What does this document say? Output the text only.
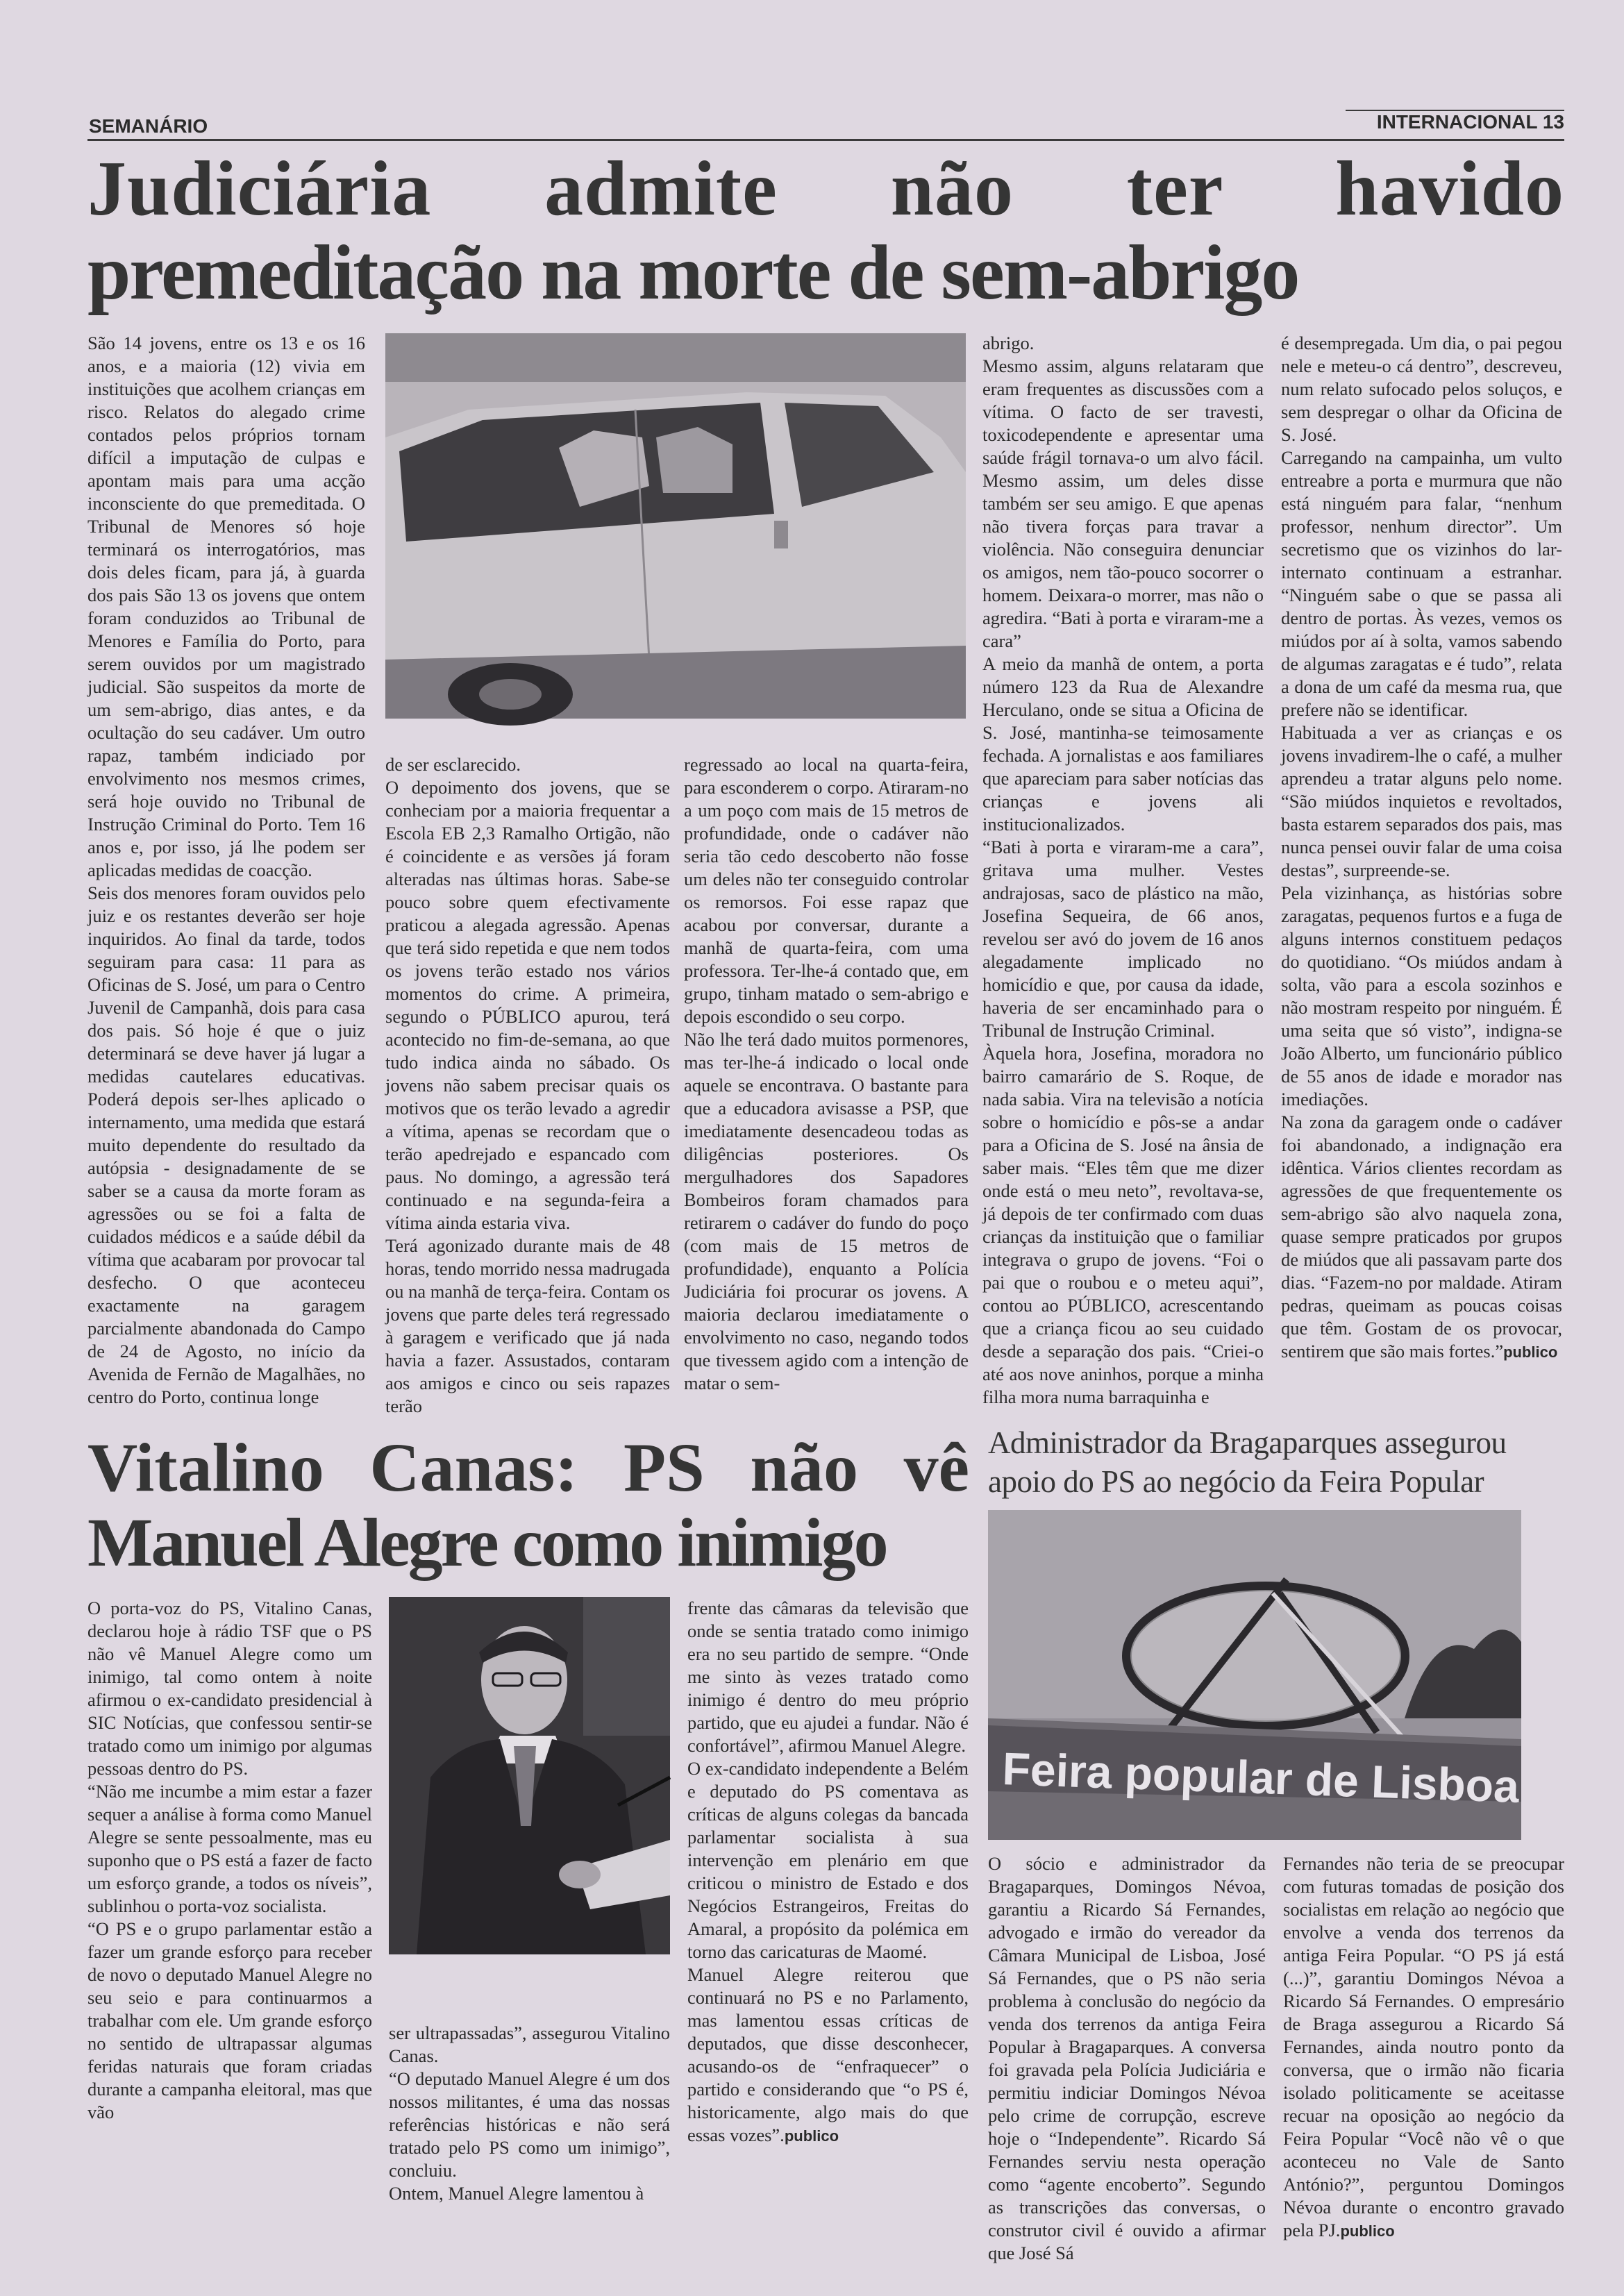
SEMANÁRIO	INTERNACIONAL 13
Judiciária admite não ter havido
premeditação na morte de sem-abrigo

São 14 jovens, entre os 13 e os 16 anos, e a maioria (12) vivia em instituições que acolhem crianças em risco. Relatos do alegado crime contados pelos próprios tornam difícil a imputação de culpas e apontam mais para uma acção inconsciente do que premeditada. O Tribunal de Menores só hoje terminará os interrogatórios, mas dois deles ficam, para já, à guarda dos pais São 13 os jovens que ontem foram conduzidos ao Tribunal de Menores e Família do Porto, para serem ouvidos por um magistrado judicial. São suspeitos da morte de um sem-abrigo, dias antes, e da ocultação do seu cadáver. Um outro rapaz, também indiciado por envolvimento nos mesmos crimes, será hoje ouvido no Tribunal de Instrução Criminal do Porto. Tem 16 anos e, por isso, já lhe podem ser aplicadas medidas de coacção.
Seis dos menores foram ouvidos pelo juiz e os restantes deverão ser hoje inquiridos. Ao final da tarde, todos seguiram para casa: 11 para as Oficinas de S. José, um para o Centro Juvenil de Campanhã, dois para casa dos pais. Só hoje é que o juiz determinará se deve haver já lugar a medidas cautelares educativas. Poderá depois ser-lhes aplicado o internamento, uma medida que estará muito dependente do resultado da autópsia - designadamente de se saber se a causa da morte foram as agressões ou se foi a falta de cuidados médicos e a saúde débil da vítima que acabaram por provocar tal desfecho. O que aconteceu exactamente na garagem parcialmente abandonada do Campo de 24 de Agosto, no início da Avenida de Fernão de Magalhães, no centro do Porto, continua longe

de ser esclarecido.
O depoimento dos jovens, que se conheciam por a maioria frequentar a Escola EB 2,3 Ramalho Ortigão, não é coincidente e as versões já foram alteradas nas últimas horas. Sabe-se pouco sobre quem efectivamente praticou a alegada agressão. Apenas que terá sido repetida e que nem todos os jovens terão estado nos vários momentos do crime. A primeira, segundo o PÚBLICO apurou, terá acontecido no fim-de-semana, ao que tudo indica ainda no sábado. Os jovens não sabem precisar quais os motivos que os terão levado a agredir a vítima, apenas se recordam que o terão apedrejado e espancado com paus. No domingo, a agressão terá continuado e na segunda-feira a vítima ainda estaria viva.
Terá agonizado durante mais de 48 horas, tendo morrido nessa madrugada ou na manhã de terça-feira. Contam os jovens que parte deles terá regressado à garagem e verificado que já nada havia a fazer. Assustados, contaram aos amigos e cinco ou seis rapazes terão

regressado ao local na quarta-feira, para esconderem o corpo. Atiraram-no a um poço com mais de 15 metros de profundidade, onde o cadáver não seria tão cedo descoberto não fosse um deles não ter conseguido controlar os remorsos. Foi esse rapaz que acabou por conversar, durante a manhã de quarta-feira, com uma professora. Ter-lhe-á contado que, em grupo, tinham matado o sem-abrigo e depois escondido o seu corpo.
Não lhe terá dado muitos pormenores, mas ter-lhe-á indicado o local onde aquele se encontrava. O bastante para que a educadora avisasse a PSP, que imediatamente desencadeou todas as diligências posteriores. Os mergulhadores dos Sapadores Bombeiros foram chamados para retirarem o cadáver do fundo do poço (com mais de 15 metros de profundidade), enquanto a Polícia Judiciária foi procurar os jovens. A maioria declarou imediatamente o envolvimento no caso, negando todos que tivessem agido com a intenção de matar o sem-

abrigo.
Mesmo assim, alguns relataram que eram frequentes as discussões com a vítima. O facto de ser travesti, toxicodependente e apresentar uma saúde frágil tornava-o um alvo fácil. Mesmo assim, um deles disse também ser seu amigo. E que apenas não tivera forças para travar a violência. Não conseguira denunciar os amigos, nem tão-pouco socorrer o homem. Deixara-o morrer, mas não o agredira. “Bati à porta e viraram-me a cara”
A meio da manhã de ontem, a porta número 123 da Rua de Alexandre Herculano, onde se situa a Oficina de S. José, mantinha-se teimosamente fechada. A jornalistas e aos familiares que apareciam para saber notícias das crianças e jovens ali institucionalizados.
“Bati à porta e viraram-me a cara”, gritava uma mulher. Vestes andrajosas, saco de plástico na mão, Josefina Sequeira, de 66 anos, revelou ser avó do jovem de 16 anos alegadamente implicado no homicídio e que, por causa da idade, haveria de ser encaminhado para o Tribunal de Instrução Criminal.
Àquela hora, Josefina, moradora no bairro camarário de S. Roque, de nada sabia. Vira na televisão a notícia sobre o homicídio e pôs-se a andar para a Oficina de S. José na ânsia de saber mais. “Eles têm que me dizer onde está o meu neto”, revoltava-se, já depois de ter confirmado com duas crianças da instituição que o familiar integrava o grupo de jovens. “Foi o pai que o roubou e o meteu aqui”, contou ao PÚBLICO, acrescentando que a criança ficou ao seu cuidado desde a separação dos pais. “Criei-o até aos nove aninhos, porque a minha filha mora numa barraquinha e

é desempregada. Um dia, o pai pegou nele e meteu-o cá dentro”, descreveu, num relato sufocado pelos soluços, e sem despregar o olhar da Oficina de S. José.
Carregando na campainha, um vulto entreabre a porta e murmura que não está ninguém para falar, “nenhum professor, nenhum director”. Um secretismo que os vizinhos do lar-internato continuam a estranhar. “Ninguém sabe o que se passa ali dentro de portas. Às vezes, vemos os miúdos por aí à solta, vamos sabendo de algumas zaragatas e é tudo”, relata a dona de um café da mesma rua, que prefere não se identificar.
Habituada a ver as crianças e os jovens invadirem-lhe o café, a mulher aprendeu a tratar alguns pelo nome. “São miúdos inquietos e revoltados, basta estarem separados dos pais, mas nunca pensei ouvir falar de uma coisa destas”, surpreende-se.
Pela vizinhança, as histórias sobre zaragatas, pequenos furtos e a fuga de alguns internos constituem pedaços do quotidiano. “Os miúdos andam à solta, vão para a escola sozinhos e não mostram respeito por ninguém. É uma seita que só visto”, indigna-se João Alberto, um funcionário público de 55 anos de idade e morador nas imediações.
Na zona da garagem onde o cadáver foi abandonado, a indignação era idêntica. Vários clientes recordam as agressões de que frequentemente os sem-abrigo são alvo naquela zona, quase sempre praticados por grupos de miúdos que ali passavam parte dos dias. “Fazem-no por maldade. Atiram pedras, queimam as poucas coisas que têm. Gostam de os provocar, sentirem que são mais fortes.”publico

Vitalino Canas: PS não vê
Manuel Alegre como inimigo

O porta-voz do PS, Vitalino Canas, declarou hoje à rádio TSF que o PS não vê Manuel Alegre como um inimigo, tal como ontem à noite afirmou o ex-candidato presidencial à SIC Notícias, que confessou sentir-se tratado como um inimigo por algumas pessoas dentro do PS.
“Não me incumbe a mim estar a fazer sequer a análise à forma como Manuel Alegre se sente pessoalmente, mas eu suponho que o PS está a fazer de facto um esforço grande, a todos os níveis”, sublinhou o porta-voz socialista.
“O PS e o grupo parlamentar estão a fazer um grande esforço para receber de novo o deputado Manuel Alegre no seu seio e para continuarmos a trabalhar com ele. Um grande esforço no sentido de ultrapassar algumas feridas naturais que foram criadas durante a campanha eleitoral, mas que vão

ser ultrapassadas”, assegurou Vitalino Canas.
“O deputado Manuel Alegre é um dos nossos militantes, é uma das nossas referências históricas e não será tratado pelo PS como um inimigo”, concluiu.
Ontem, Manuel Alegre lamentou à

frente das câmaras da televisão que onde se sentia tratado como inimigo era no seu partido de sempre. “Onde me sinto às vezes tratado como inimigo é dentro do meu próprio partido, que eu ajudei a fundar. Não é confortável”, afirmou Manuel Alegre.
O ex-candidato independente a Belém e deputado do PS comentava as críticas de alguns colegas da bancada parlamentar socialista à sua intervenção em plenário em que criticou o ministro de Estado e dos Negócios Estrangeiros, Freitas do Amaral, a propósito da polémica em torno das caricaturas de Maomé.
Manuel Alegre reiterou que continuará no PS e no Parlamento, mas lamentou essas críticas de deputados, que disse desconhecer, acusando-os de “enfraquecer” o partido e considerando que “o PS é, historicamente, algo mais do que essas vozes”.publico

Administrador da Bragaparques assegurou
apoio do PS ao negócio da Feira Popular
Feira popular de Lisboa

O sócio e administrador da Bragaparques, Domingos Névoa, garantiu a Ricardo Sá Fernandes, advogado e irmão do vereador da Câmara Municipal de Lisboa, José Sá Fernandes, que o PS não seria problema à conclusão do negócio da venda dos terrenos da antiga Feira Popular à Bragaparques. A conversa foi gravada pela Polícia Judiciária e permitiu indiciar Domingos Névoa pelo crime de corrupção, escreve hoje o “Independente”. Ricardo Sá Fernandes serviu nesta operação como “agente encoberto”. Segundo as transcrições das conversas, o construtor civil é ouvido a afirmar que José Sá

Fernandes não teria de se preocupar com futuras tomadas de posição dos socialistas em relação ao negócio que envolve a venda dos terrenos da antiga Feira Popular. “O PS já está (...)”, garantiu Domingos Névoa a Ricardo Sá Fernandes. O empresário de Braga assegurou a Ricardo Sá Fernandes, ainda noutro ponto da conversa, que o irmão não ficaria isolado politicamente se aceitasse recuar na oposição ao negócio da Feira Popular “Você não vê o que aconteceu no Vale de Santo António?”, perguntou Domingos Névoa durante o encontro gravado pela PJ.publico
